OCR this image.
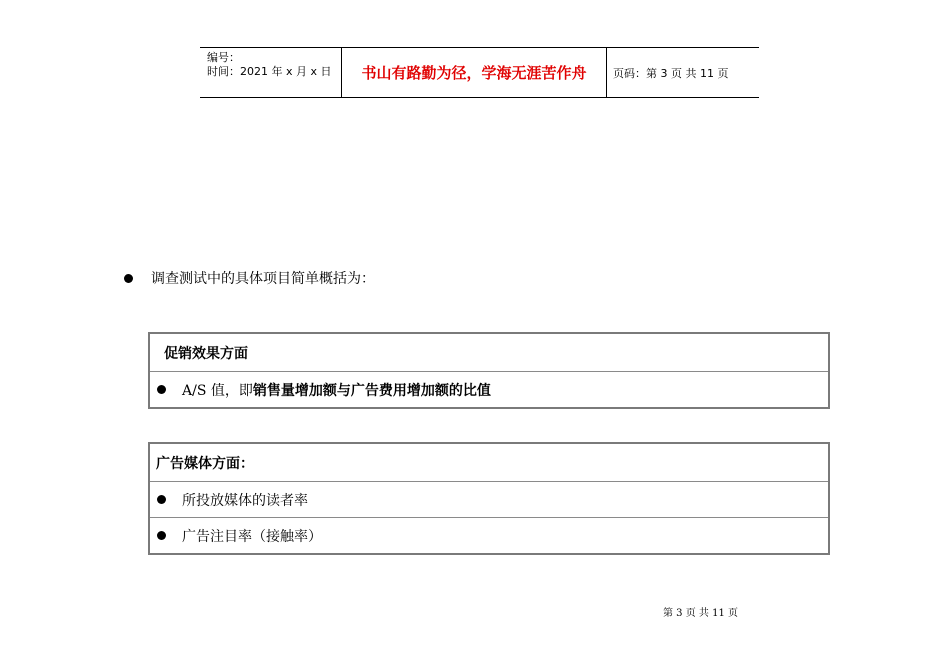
编号：
时间：2021 年 x 月 x 日	书山有路勤为径，学海无涯苦作舟	页码：第 3 页 共 11 页
调查测试中的具体项目简单概括为：
促销效果方面
A/S 值，即 销售量增加额与广告费用增加额的比值
广告媒体方面：
所投放媒体的读者率
广告注目率（接触率）
第 3 页 共 11 页
